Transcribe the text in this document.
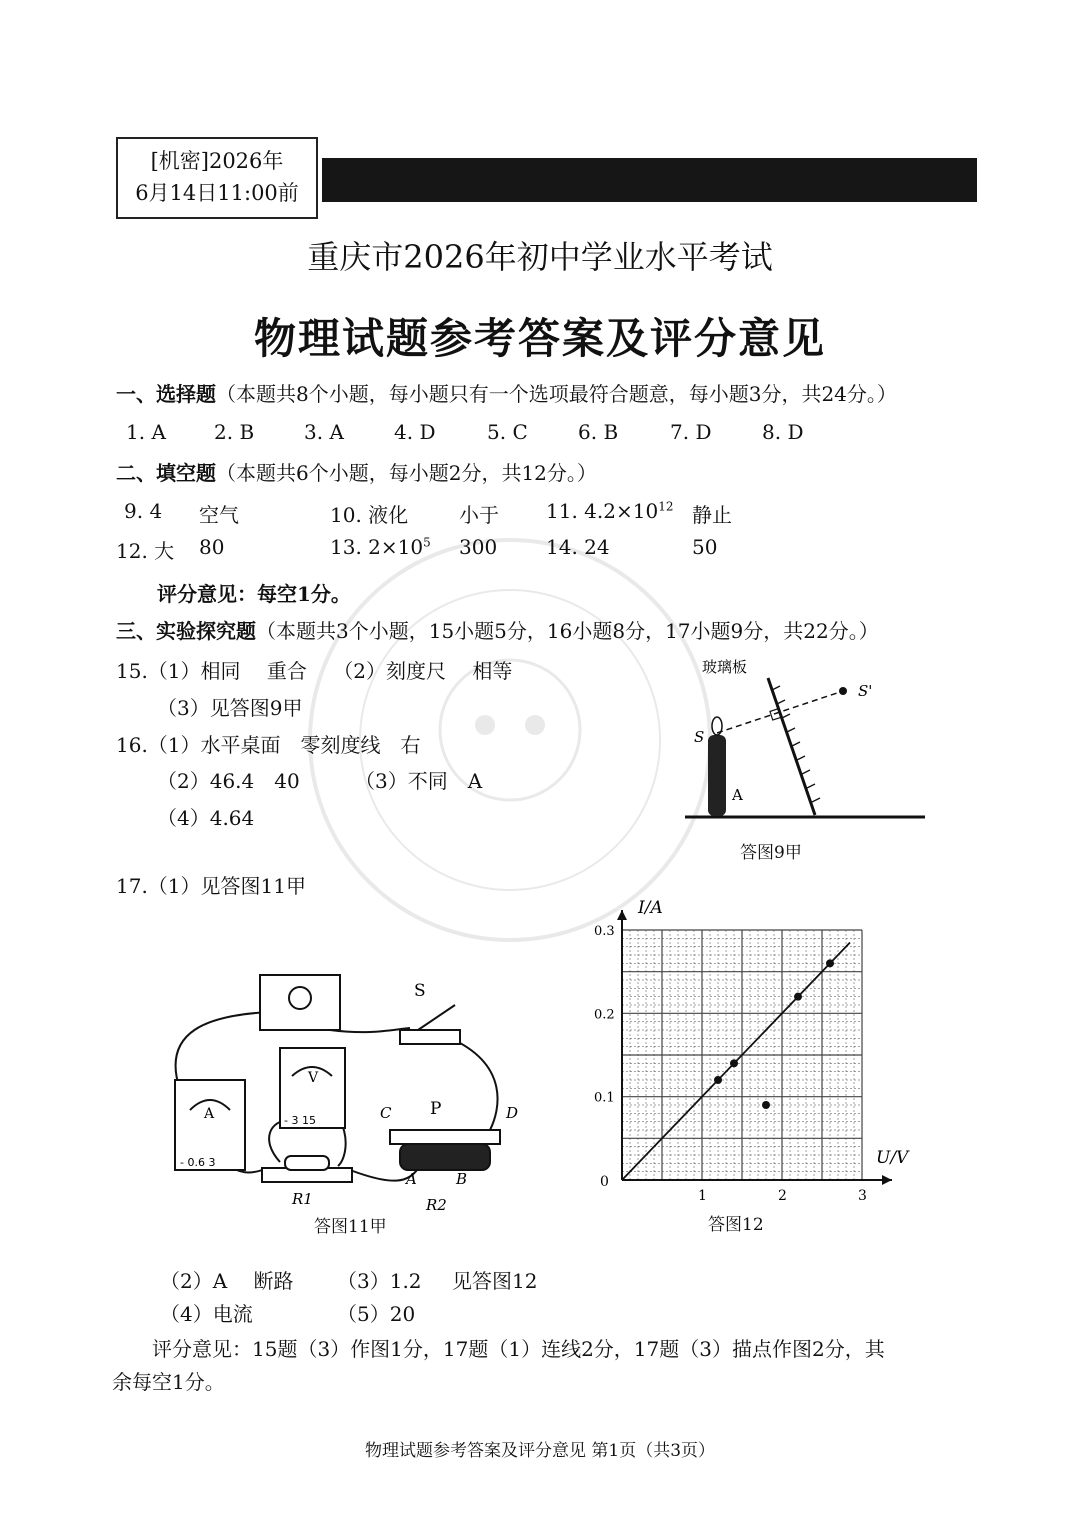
[机密]2026年
6月14日11:00前
重庆市2026年初中学业水平考试
物理试题参考答案及评分意见
一、选择题（本题共8个小题，每小题只有一个选项最符合题意，每小题3分，共24分。）
1. A 2. B 3. A	4. D	5. C	6. B	7. D	8. D
二、填空题（本题共6个小题，每小题2分，共12分。）
9. 4 空气	10. 液化	小于 11. $4.2\times 10^{12}$ 静止
12. 大 80	13. $2\times 10^5$ 300 14. 24	50
评分意见：每空1分。
三、实验探究题（本题共3个小题，15小题5分，16小题8分，17小题9分，共22分。）
15.（1）相同　 重合　 （2）刻度尺　 相等
（3）见答图9甲
16.（1）水平桌面　零刻度线　右
（2）46.4　40	（3）不同　A
（4）4.64
17.（1）见答图11甲
玻璃板
S
S'
A
答图9甲
A
V
- 0.6 3
- 3 15
S
P
C	D
A	B
R1	R2
答图11甲
0
1	2	3
0.1
0.2
0.3
I/A
U/V
答图12
（2）A　 断路 （3）1.2 见答图12
（4）电流	（5）20
评分意见：15题（3）作图1分，17题（1）连线2分，17题（3）描点作图2分，其
余每空1分。
物理试题参考答案及评分意见 第1页（共3页）
